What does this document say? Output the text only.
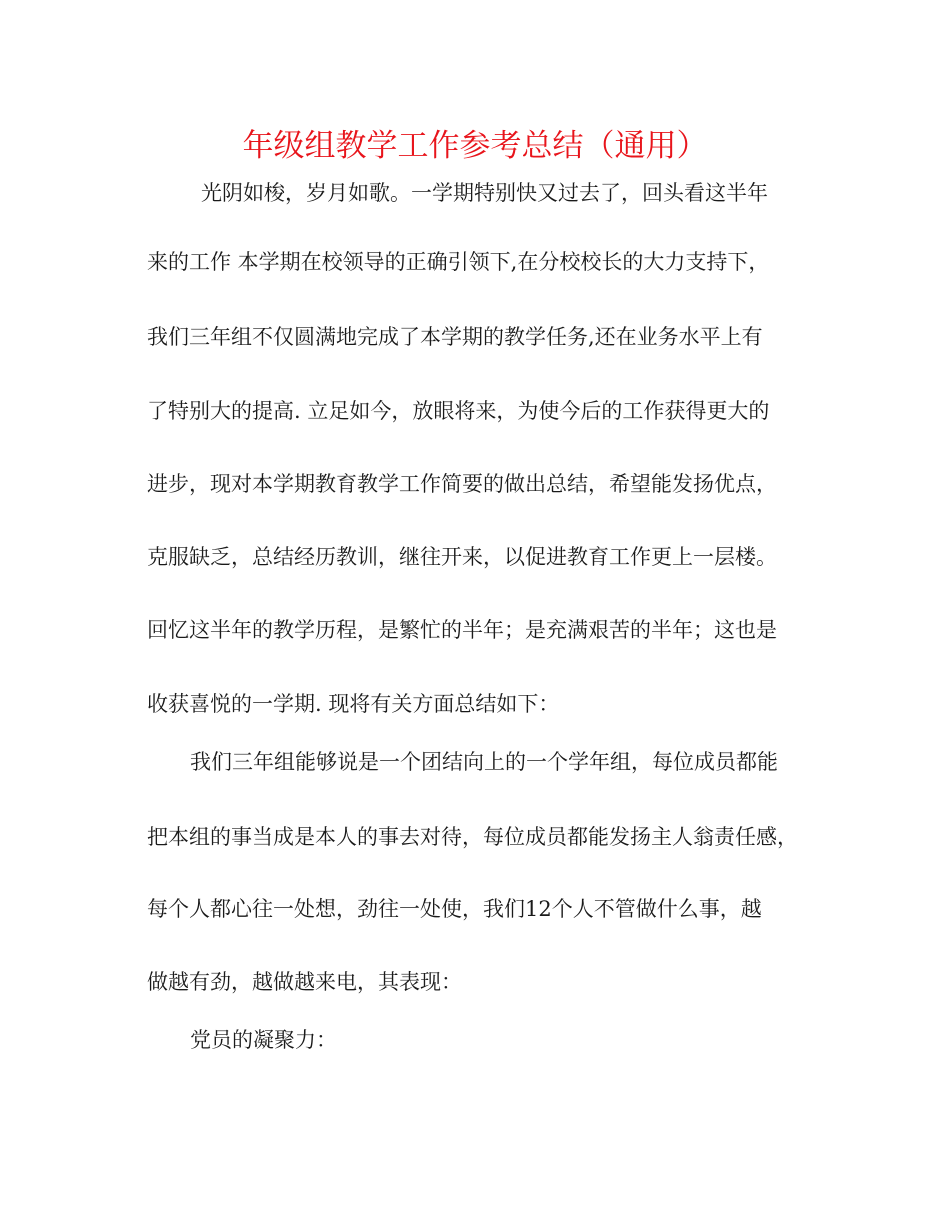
年级组教学工作参考总结（通用）
光阴如梭，岁月如歌。一学期特别快又过去了，回头看这半年
来的工作 本学期在校领导的正确引领下,在分校校长的大力支持下，
我们三年组不仅圆满地完成了本学期的教学任务,还在业务水平上有
了特别大的提高. 立足如今，放眼将来，为使今后的工作获得更大的
进步，现对本学期教育教学工作简要的做出总结，希望能发扬优点，
克服缺乏，总结经历教训，继往开来，以促进教育工作更上一层楼。
回忆这半年的教学历程，是繁忙的半年；是充满艰苦的半年；这也是
收获喜悦的一学期. 现将有关方面总结如下：
我们三年组能够说是一个团结向上的一个学年组，每位成员都能
把本组的事当成是本人的事去对待，每位成员都能发扬主人翁责任感，
每个人都心往一处想，劲往一处使，我们12个人不管做什么事，越
做越有劲，越做越来电，其表现：
党员的凝聚力：
